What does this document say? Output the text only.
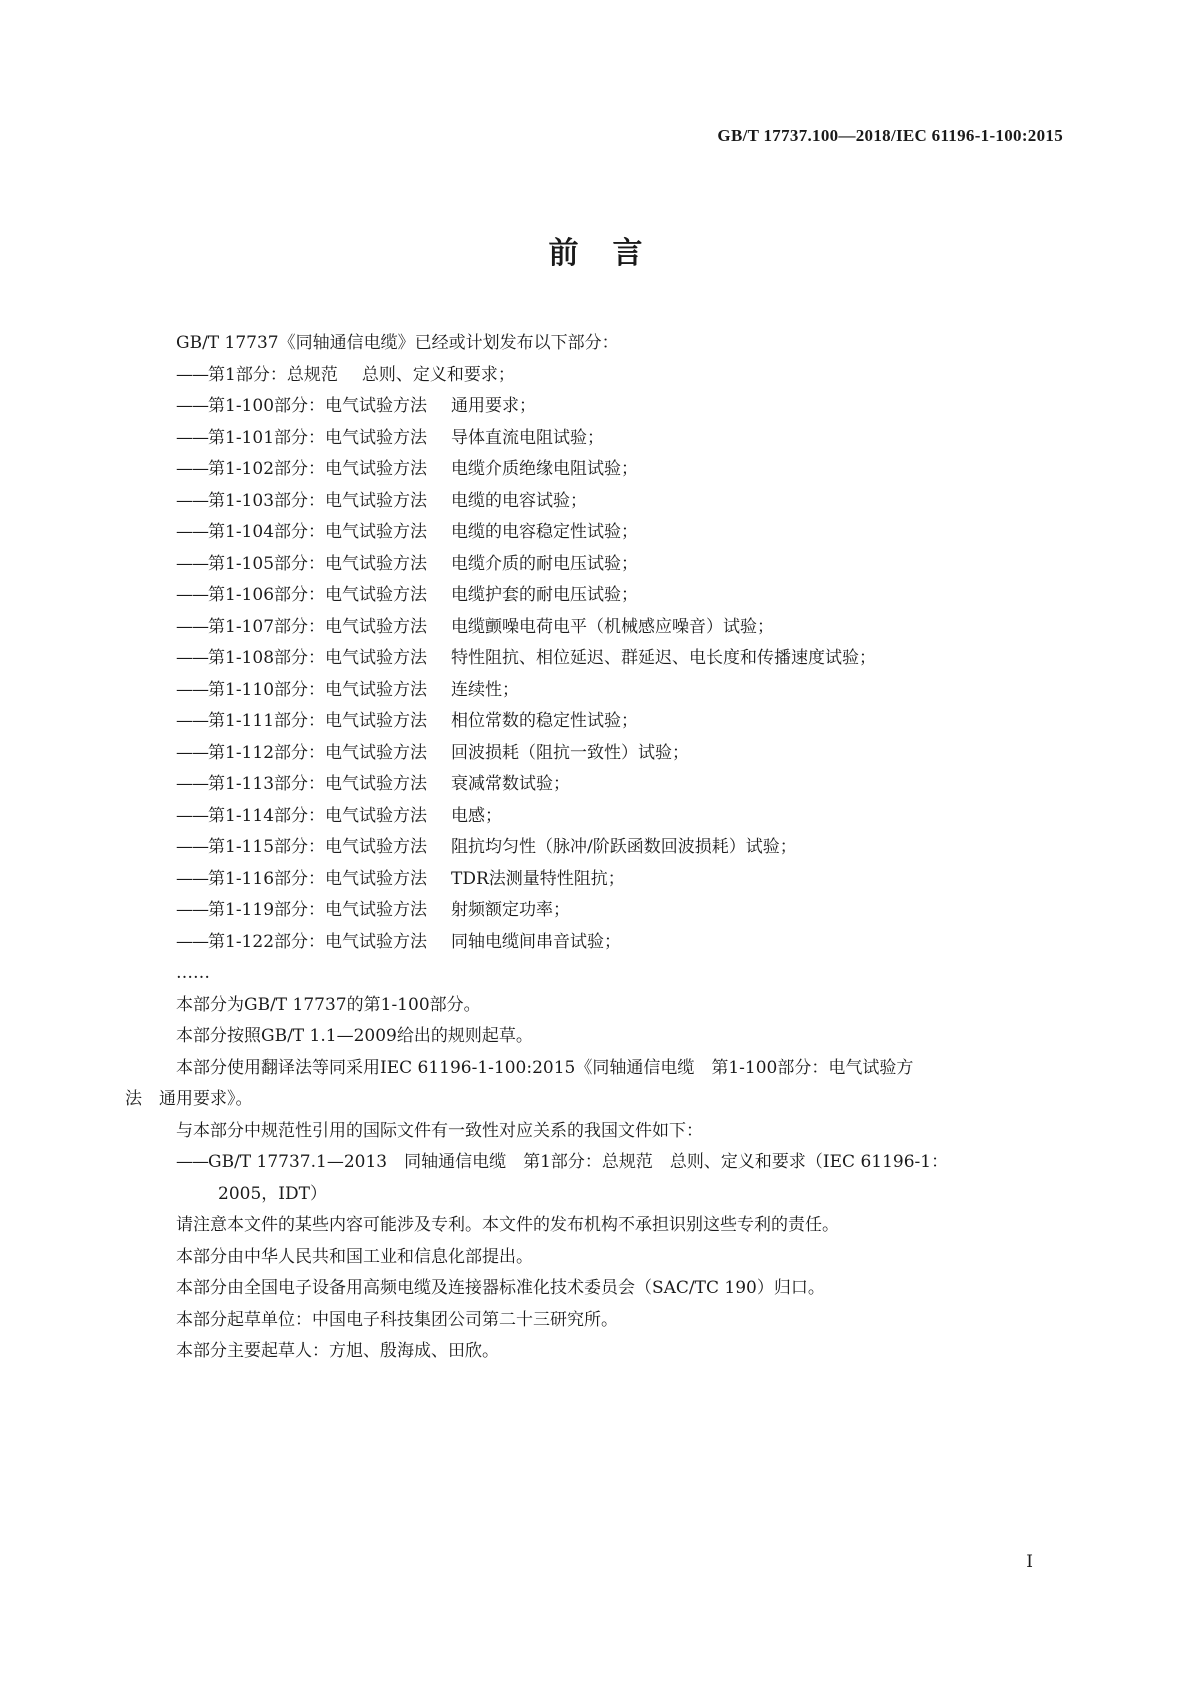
GB/T 17737.100—2018/IEC 61196-1-100:2015
前言
GB/T 17737《同轴通信电缆》已经或计划发布以下部分：
—— 第1部分：总规范 总则、定义和要求；
—— 第1-100部分：电气试验方法 通用要求；
—— 第1-101部分：电气试验方法 导体直流电阻试验；
—— 第1-102部分：电气试验方法 电缆介质绝缘电阻试验；
—— 第1-103部分：电气试验方法 电缆的电容试验；
—— 第1-104部分：电气试验方法 电缆的电容稳定性试验；
—— 第1-105部分：电气试验方法 电缆介质的耐电压试验；
—— 第1-106部分：电气试验方法 电缆护套的耐电压试验；
—— 第1-107部分：电气试验方法 电缆颤噪电荷电平（机械感应噪音）试验；
—— 第1-108部分：电气试验方法 特性阻抗、相位延迟、群延迟、电长度和传播速度试验；
—— 第1-110部分：电气试验方法 连续性；
—— 第1-111部分：电气试验方法 相位常数的稳定性试验；
—— 第1-112部分：电气试验方法 回波损耗（阻抗一致性）试验；
—— 第1-113部分：电气试验方法 衰减常数试验；
—— 第1-114部分：电气试验方法 电感；
—— 第1-115部分：电气试验方法 阻抗均匀性（脉冲/阶跃函数回波损耗）试验；
—— 第1-116部分：电气试验方法 TDR法测量特性阻抗；
—— 第1-119部分：电气试验方法 射频额定功率；
—— 第1-122部分：电气试验方法 同轴电缆间串音试验；
……
本部分为GB/T 17737的第1-100部分。
本部分按照GB/T 1.1—2009给出的规则起草。
本部分使用翻译法等同采用IEC 61196-1-100:2015《同轴通信电缆　第1-100部分：电气试验方
法　通用要求》。
与本部分中规范性引用的国际文件有一致性对应关系的我国文件如下：
—— GB/T 17737.1—2013　同轴通信电缆　第1部分：总规范　总则、定义和要求（IEC 61196-1：
2005，IDT）
请注意本文件的某些内容可能涉及专利。本文件的发布机构不承担识别这些专利的责任。
本部分由中华人民共和国工业和信息化部提出。
本部分由全国电子设备用高频电缆及连接器标准化技术委员会（SAC/TC 190）归口。
本部分起草单位：中国电子科技集团公司第二十三研究所。
本部分主要起草人：方旭、殷海成、田欣。
I
